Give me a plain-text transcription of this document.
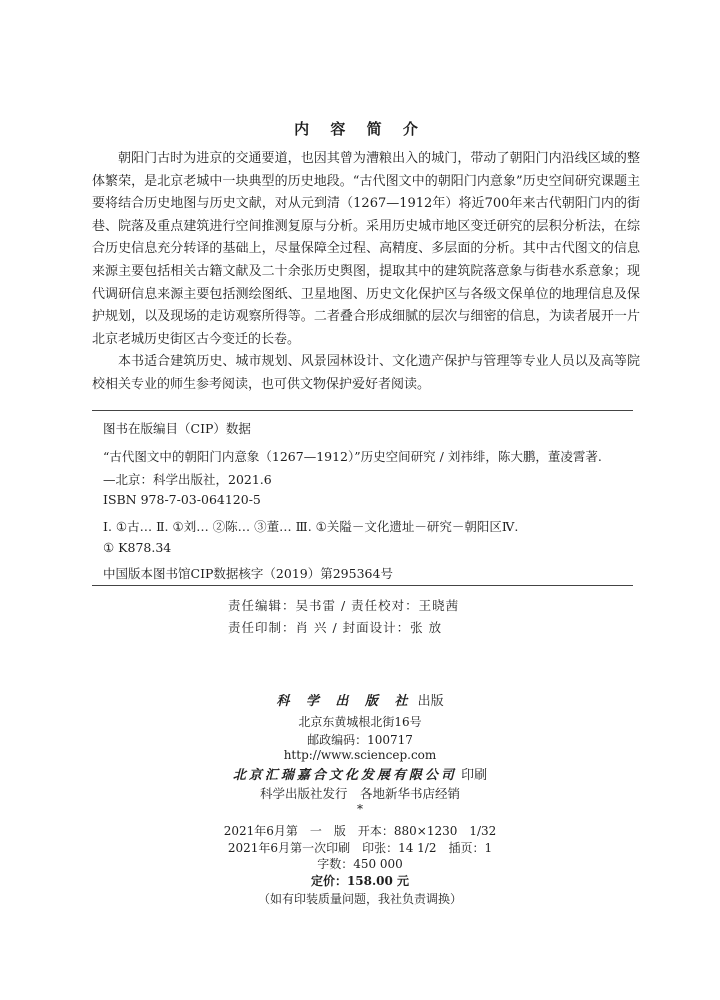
内 容 简 介

朝阳门古时为进京的交通要道，也因其曾为漕粮出入的城门，带动了朝阳门内沿线区域的整体繁荣，是北京老城中一块典型的历史地段。“古代图文中的朝阳门内意象”历史空间研究课题主要将结合历史地图与历史文献，对从元到清（1267—1912年）将近700年来古代朝阳门内的街巷、院落及重点建筑进行空间推测复原与分析。采用历史城市地区变迁研究的层积分析法，在综合历史信息充分转译的基础上，尽量保障全过程、高精度、多层面的分析。其中古代图文的信息来源主要包括相关古籍文献及二十余张历史舆图，提取其中的建筑院落意象与街巷水系意象；现代调研信息来源主要包括测绘图纸、卫星地图、历史文化保护区与各级文保单位的地理信息及保护规划，以及现场的走访观察所得等。二者叠合形成细腻的层次与细密的信息，为读者展开一片北京老城历史街区古今变迁的长卷。

本书适合建筑历史、城市规划、风景园林设计、文化遗产保护与管理等专业人员以及高等院校相关专业的师生参考阅读，也可供文物保护爱好者阅读。

图书在版编目（CIP）数据
“古代图文中的朝阳门内意象（1267—1912）”历史空间研究 / 刘祎绯，陈大鹏，董凌霄著.
—北京：科学出版社，2021.6
ISBN 978-7-03-064120-5
Ⅰ. ①古… Ⅱ. ①刘… ②陈… ③董… Ⅲ. ①关隘－文化遗址－研究－朝阳区Ⅳ.
① K878.34
中国版本图书馆CIP数据核字（2019）第295364号
责任编辑：吴书雷 / 责任校对：王晓茜
责任印制：肖 兴 / 封面设计：张 放
科 学 出 版 社 出版
北京东黄城根北街16号
邮政编码：100717
http://www.sciencep.com
北京汇瑞嘉合文化发展有限公司 印刷
科学出版社发行　各地新华书店经销
*
2021年6月第　一　版　开本：880×1230　1/32
2021年6月第一次印刷　印张：14 1/2　插页：1
字数：450 000
定价：158.00 元
（如有印装质量问题，我社负责调换）
